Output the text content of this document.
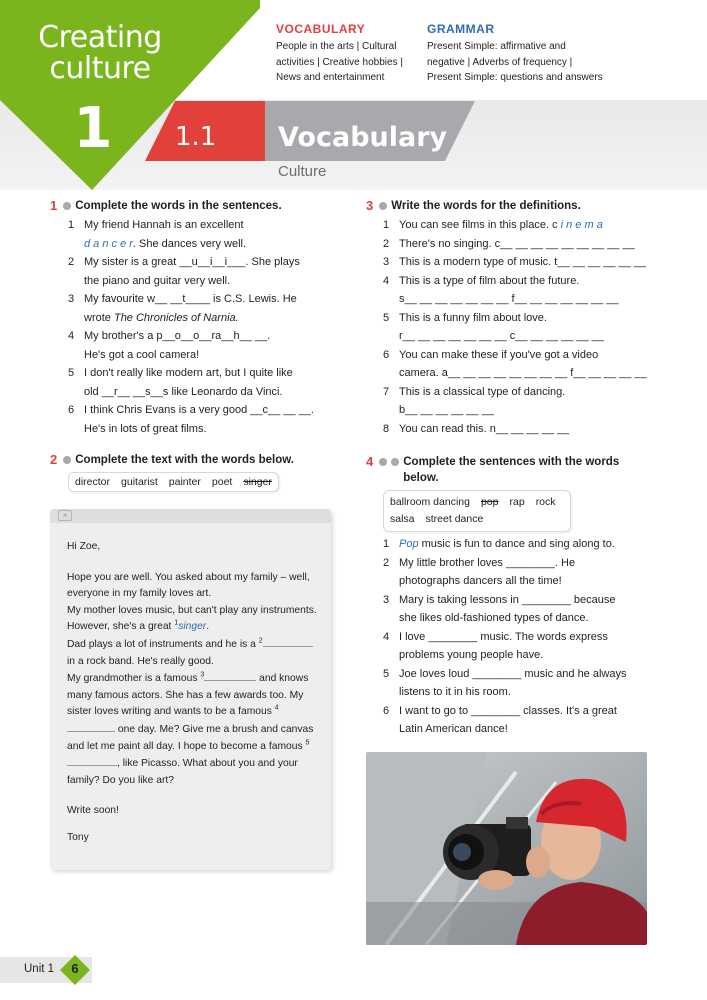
Creating
culture
1 1.1 Vocabulary
Culture
VOCABULARY
People in the arts | Cultural
activities | Creative hobbies |
News and entertainment
GRAMMAR
Present Simple: affirmative and
negative | Adverbs of frequency |
Present Simple: questions and answers
1 Complete the words in the sentences.
1 My friend Hannah is an excellent
d a n c e r. She dances very well.
2 My sister is a great __u__i__i___. She plays
the piano and guitar very well.
3 My favourite w__ __t____ is C.S. Lewis. He
wrote The Chronicles of Narnia.
4 My brother's a p__o__o__ra__h__ __.
He's got a cool camera!
5 I don't really like modern art, but I quite like
old __r__ __s__s like Leonardo da Vinci.
6 I think Chris Evans is a very good __c__ __ __.
He's in lots of great films.
2 Complete the text with the words below.
director guitarist painter poet singer
×
Hi Zoe,
Hope you are well. You asked about my family – well, everyone in my family loves art.
My mother loves music, but can't play any instruments. However, she's a great $^1$singer.
Dad plays a lot of instruments and he is a $^2$ in a rock band. He's really good.
My grandmother is a famous $^3$	and knows many famous actors. She has a few awards too. My sister loves writing and wants to be a famous $^4$ one day. Me? Give me a brush and canvas and let me paint all day. I hope to become a famous $^5$, like Picasso. What about you and your family? Do you like art?
Write soon!
Tony
3 Write the words for the definitions.
1 You can see films in this place. c i n e m a
2 There's no singing. c__ __ __ __ __ __ __ __ __
3 This is a modern type of music. t__ __ __ __ __ __
4 This is a type of film about the future.
s__ __ __ __ __ __ __ f__ __ __ __ __ __ __
5 This is a funny film about love.
r__ __ __ __ __ __ __ c__ __ __ __ __ __
6 You can make these if you've got a video
camera. a__ __ __ __ __ __ __ __ f__ __ __ __ __
7 This is a classical type of dancing.
b__ __ __ __ __ __
8 You can read this. n__ __ __ __ __
4	Complete the sentences with the words below.
ballroom dancing pop rap rock
salsa street dance
1 Pop music is fun to dance and sing along to.
2 My little brother loves ________. He
photographs dancers all the time!
3 Mary is taking lessons in ________ because
she likes old-fashioned types of dance.
4 I love ________ music. The words express
problems young people have.
5 Joe loves loud ________ music and he always
listens to it in his room.
6 I want to go to ________ classes. It's a great
Latin American dance!
Unit 1	6
